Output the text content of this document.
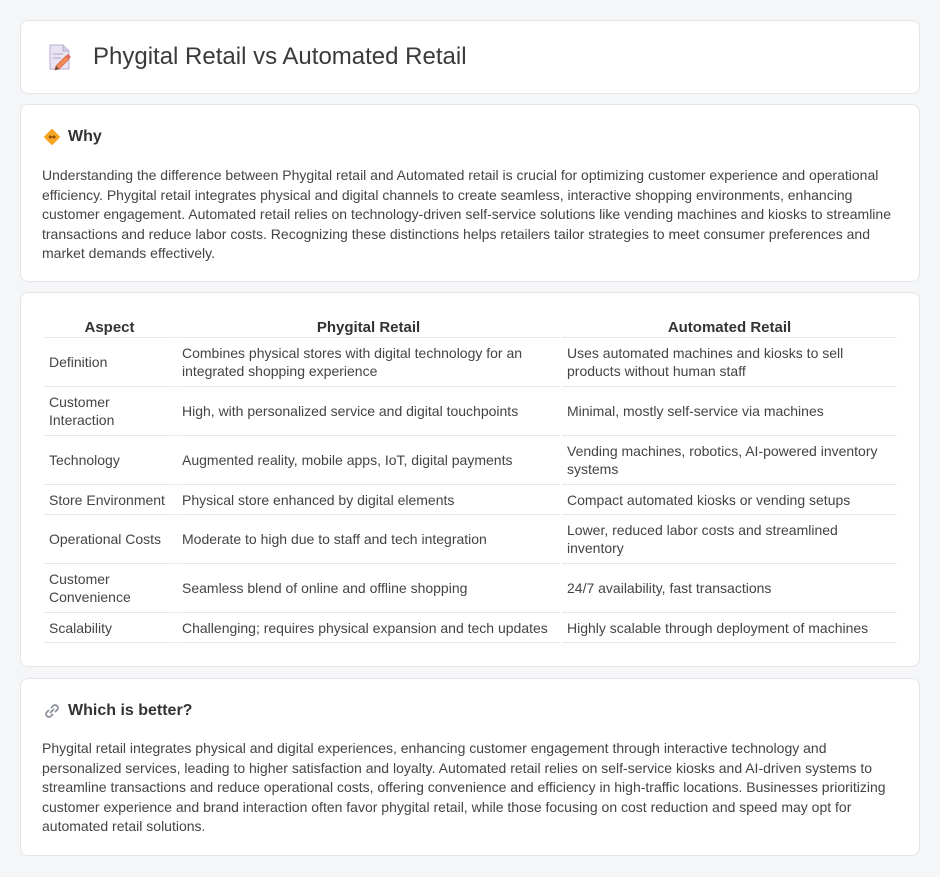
Phygital Retail vs Automated Retail
Why

Understanding the difference between Phygital retail and Automated retail is crucial for optimizing customer experience and operational efficiency. Phygital retail integrates physical and digital channels to create seamless, interactive shopping environments, enhancing customer engagement. Automated retail relies on technology-driven self-service solutions like vending machines and kiosks to streamline transactions and reduce labor costs. Recognizing these distinctions helps retailers tailor strategies to meet consumer preferences and market demands effectively.

Aspect	Phygital Retail	Automated Retail
Definition	Combines physical stores with digital technology for an integrated shopping experience	Uses automated machines and kiosks to sell products without human staff
Customer Interaction	High, with personalized service and digital touchpoints	Minimal, mostly self-service via machines
Technology	Augmented reality, mobile apps, IoT, digital payments	Vending machines, robotics, AI-powered inventory systems
Store Environment	Physical store enhanced by digital elements	Compact automated kiosks or vending setups
Operational Costs	Moderate to high due to staff and tech integration	Lower, reduced labor costs and streamlined inventory
Customer Convenience	Seamless blend of online and offline shopping	24/7 availability, fast transactions
Scalability	Challenging; requires physical expansion and tech updates	Highly scalable through deployment of machines
Which is better?

Phygital retail integrates physical and digital experiences, enhancing customer engagement through interactive technology and personalized services, leading to higher satisfaction and loyalty. Automated retail relies on self-service kiosks and AI-driven systems to streamline transactions and reduce operational costs, offering convenience and efficiency in high-traffic locations. Businesses prioritizing customer experience and brand interaction often favor phygital retail, while those focusing on cost reduction and speed may opt for automated retail solutions.
